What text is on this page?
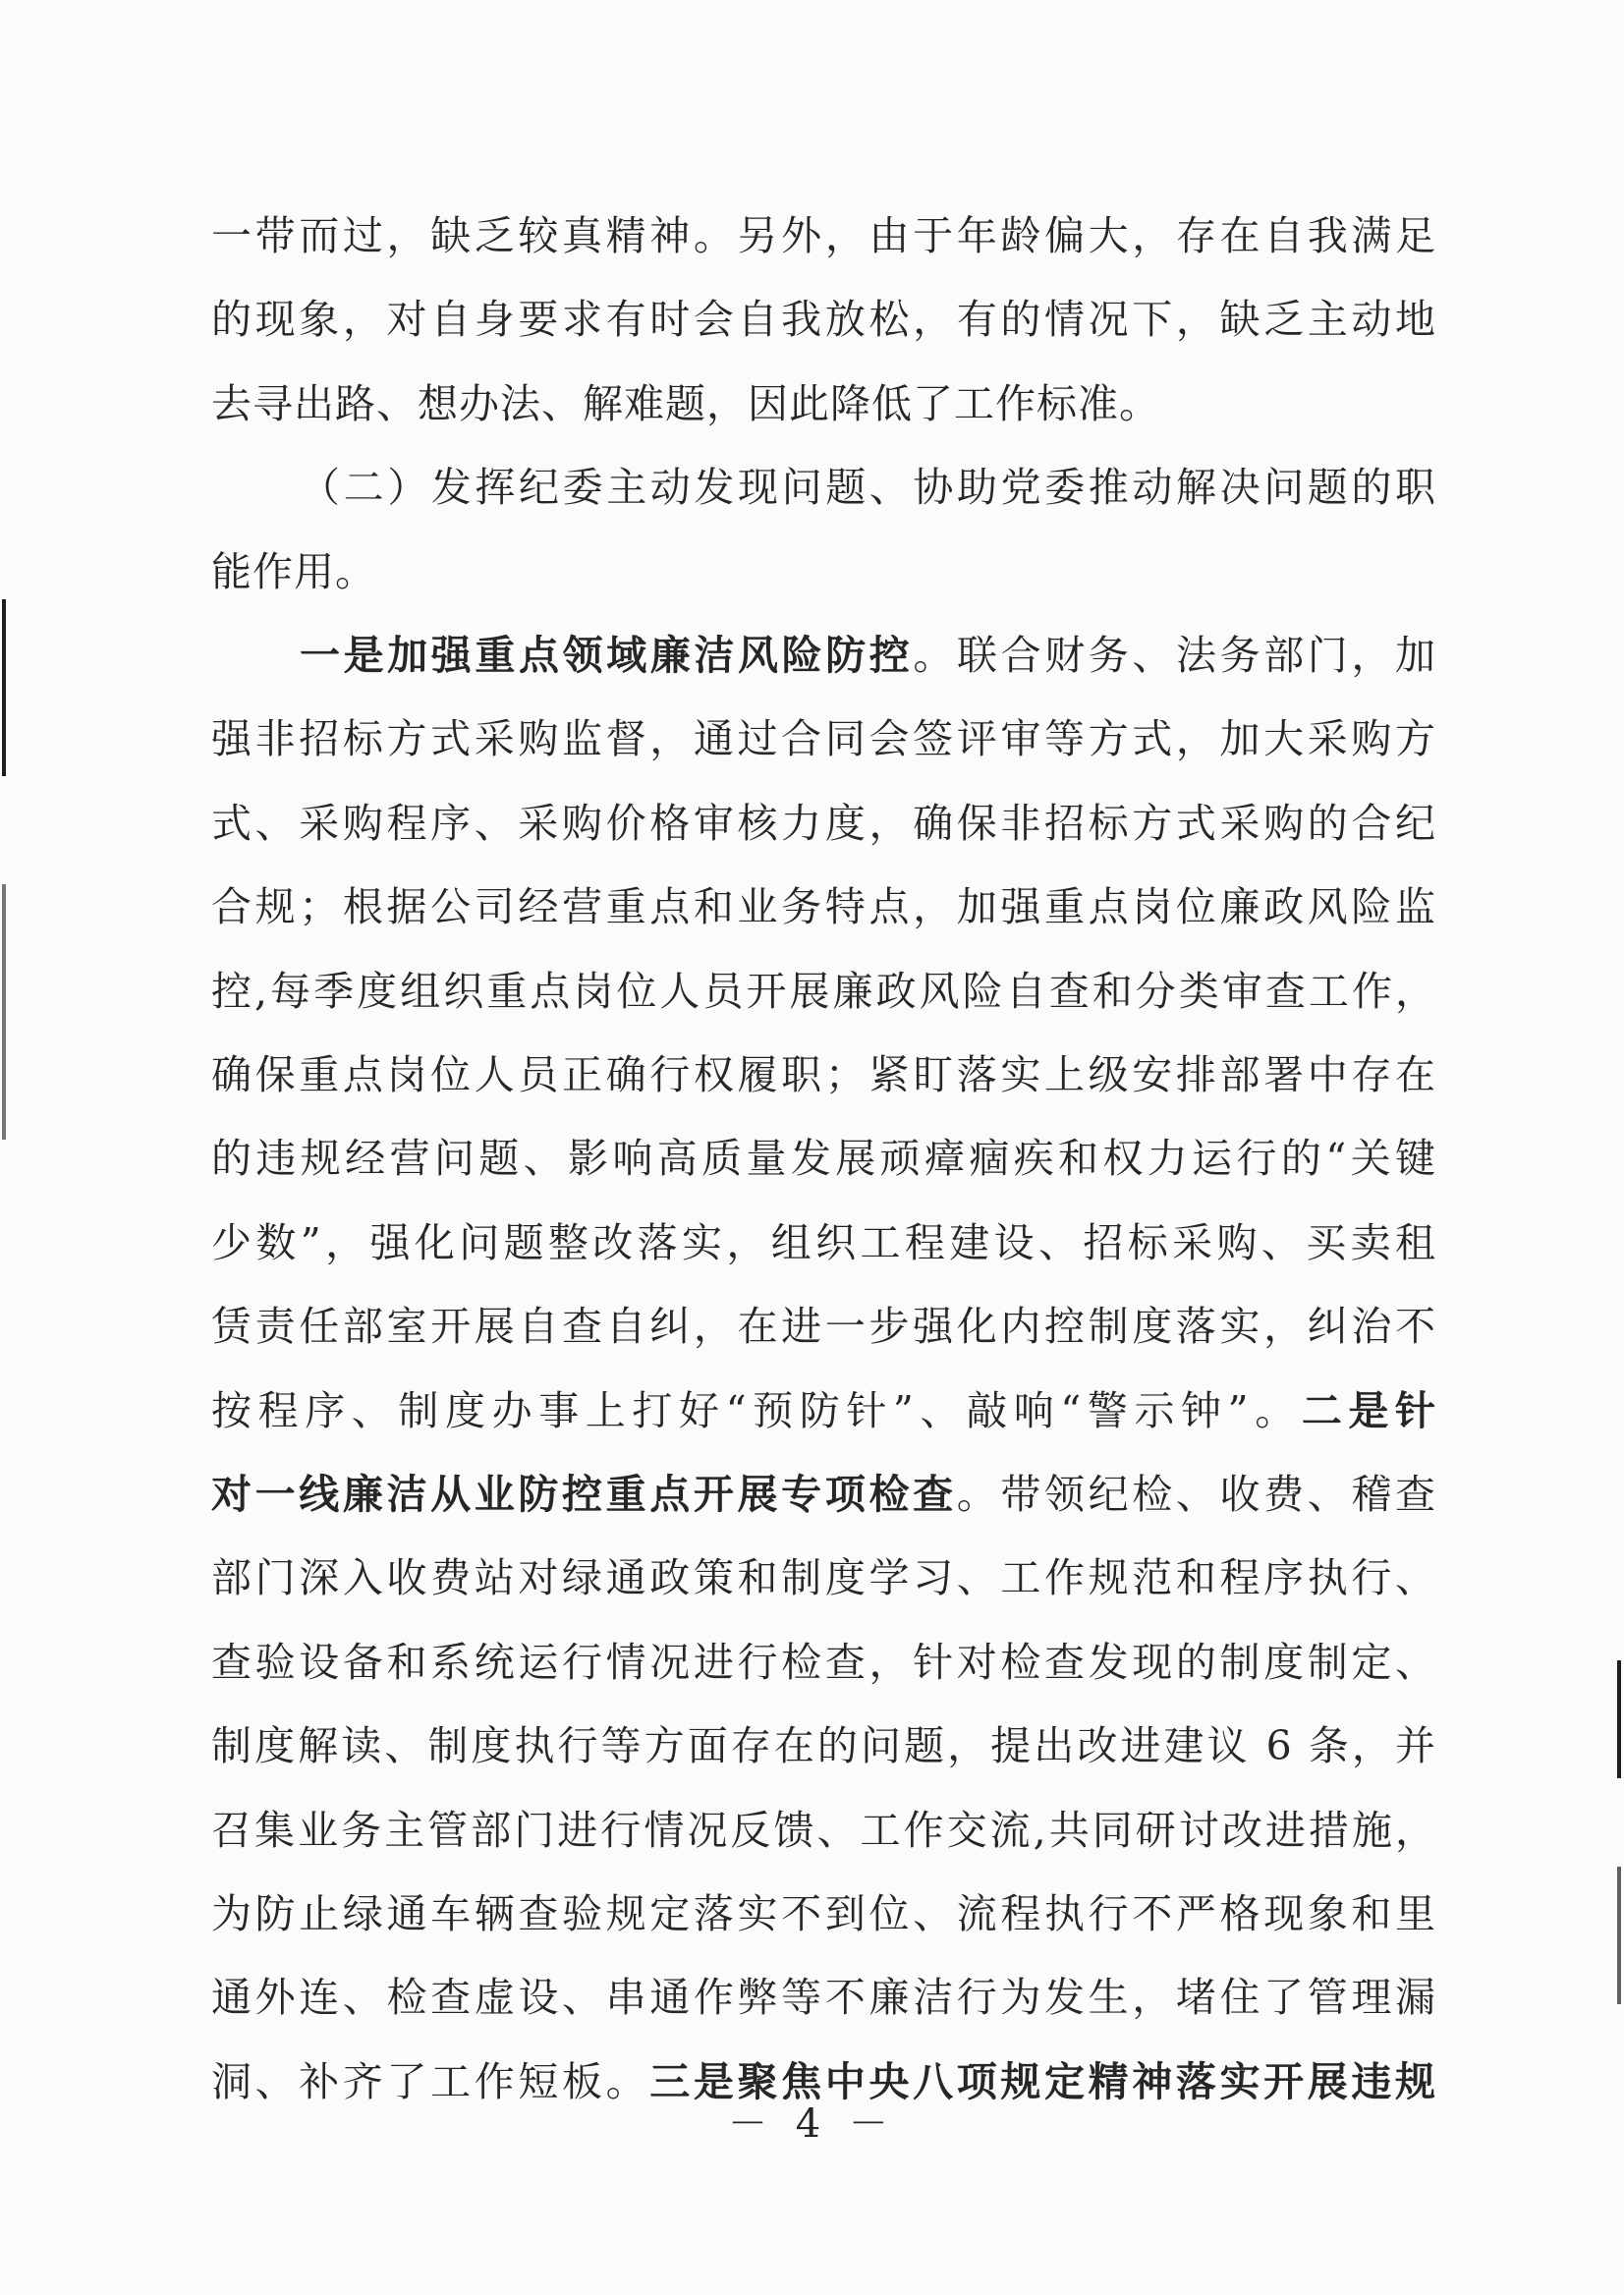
一带而过，缺乏较真精神。另外，由于年龄偏大，存在自我满足
的现象，对自身要求有时会自我放松，有的情况下，缺乏主动地
去寻出路、想办法、解难题，因此降低了工作标准。
（二）发挥纪委主动发现问题、协助党委推动解决问题的职
能作用。
一是加强重点领域廉洁风险防控。联合财务、法务部门，加
强非招标方式采购监督，通过合同会签评审等方式，加大采购方
式、采购程序、采购价格审核力度，确保非招标方式采购的合纪
合规；根据公司经营重点和业务特点，加强重点岗位廉政风险监
控,每季度组织重点岗位人员开展廉政风险自查和分类审查工作，
确保重点岗位人员正确行权履职；紧盯落实上级安排部署中存在
的违规经营问题、影响高质量发展顽瘴痼疾和权力运行的“关键
少数”，强化问题整改落实，组织工程建设、招标采购、买卖租
赁责任部室开展自查自纠，在进一步强化内控制度落实，纠治不
按程序、制度办事上打好“预防针”、敲响“警示钟”。二是针
对一线廉洁从业防控重点开展专项检查。带领纪检、收费、稽查
部门深入收费站对绿通政策和制度学习、工作规范和程序执行、
查验设备和系统运行情况进行检查，针对检查发现的制度制定、
制度解读、制度执行等方面存在的问题，提出改进建议 6 条，并
召集业务主管部门进行情况反馈、工作交流,共同研讨改进措施，
为防止绿通车辆查验规定落实不到位、流程执行不严格现象和里
通外连、检查虚设、串通作弊等不廉洁行为发生，堵住了管理漏
洞、补齐了工作短板。三是聚焦中央八项规定精神落实开展违规
－ 4 －
